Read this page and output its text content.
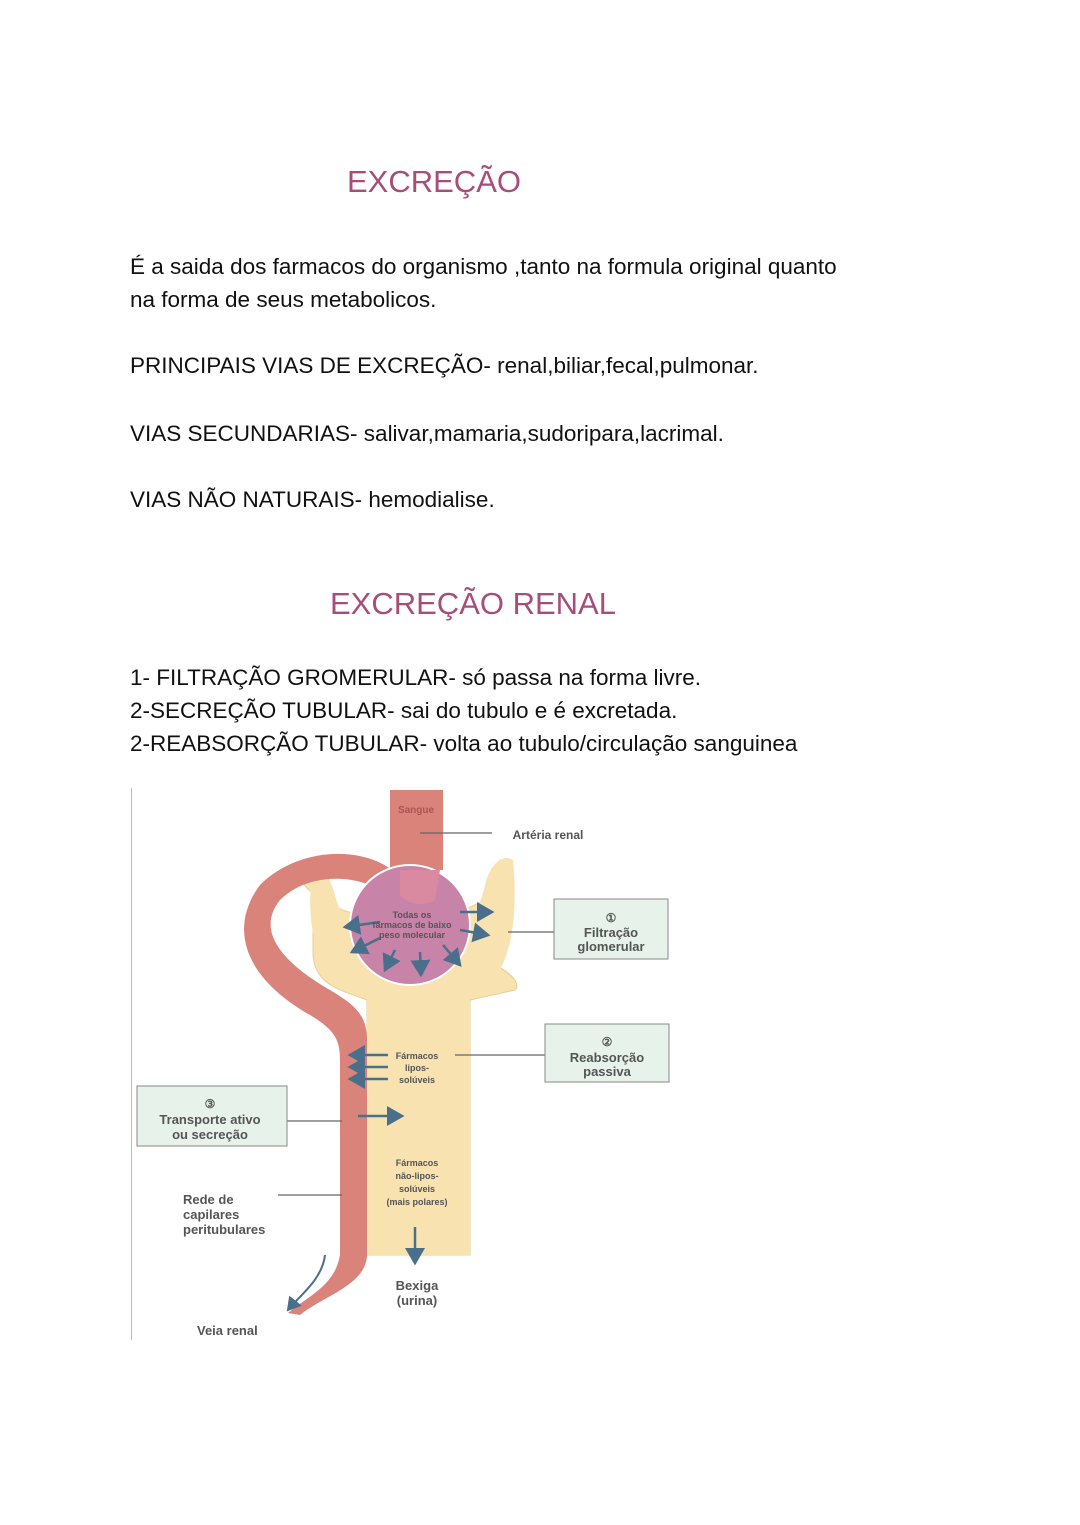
EXCREÇÃO
É a saida dos farmacos do organismo ,tanto na formula original quanto
na forma de seus metabolicos.
PRINCIPAIS VIAS DE EXCREÇÃO- renal,biliar,fecal,pulmonar.
VIAS SECUNDARIAS- salivar,mamaria,sudoripara,lacrimal.
VIAS NÃO NATURAIS- hemodialise.
EXCREÇÃO RENAL
1- FILTRAÇÃO GROMERULAR- só passa na forma livre.
2-SECREÇÃO TUBULAR- sai do tubulo e é excretada.
2-REABSORÇÃO TUBULAR- volta ao tubulo/circulação sanguinea
Sangue
Artéria renal
Todas os
fármacos de baixo
peso molecular
①
Filtração
glomerular
②
Reabsorção
passiva
③
Transporte ativo
ou secreção
Fármacos
lipos-
solúveis
Fármacos
não-lipos-
solúveis
(mais polares)
Bexiga
(urina)
Rede de
capilares
peritubulares
Veia renal
